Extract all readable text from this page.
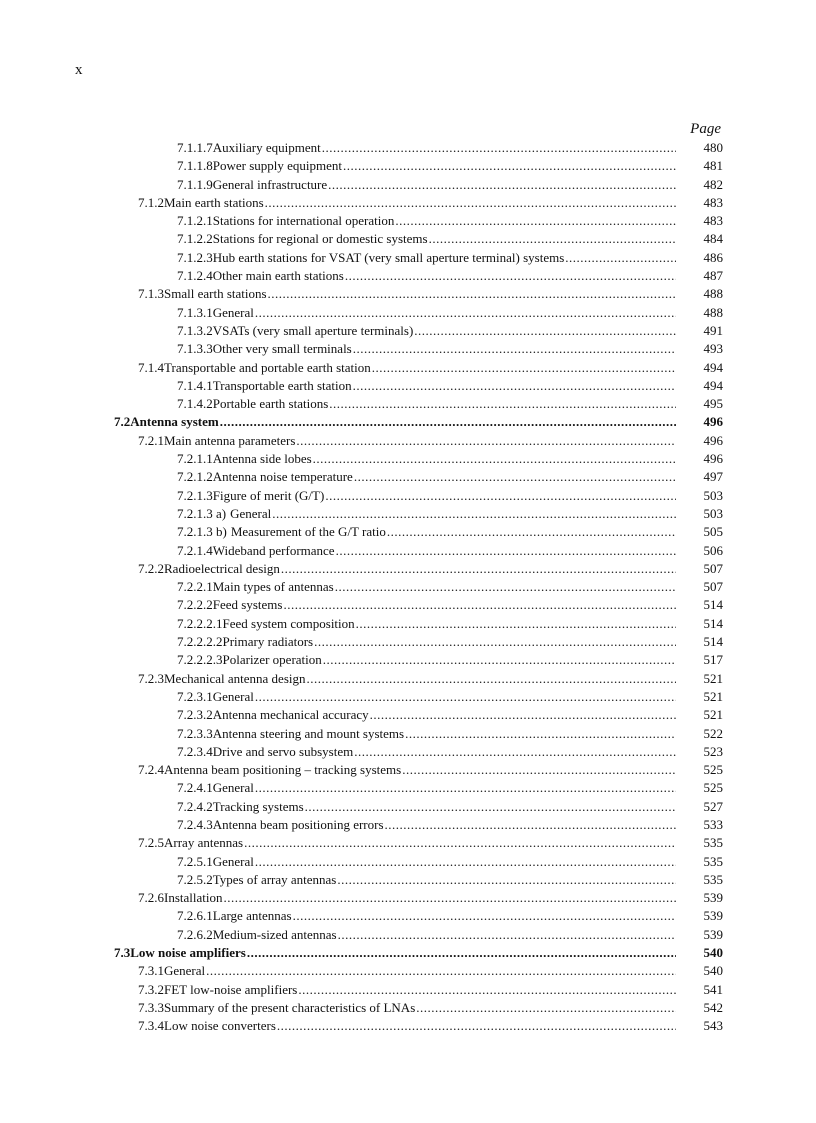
x
Page
7.1.1.7 Auxiliary equipment .....	480
7.1.1.8 Power supply equipment .....	481
7.1.1.9 General infrastructure .....	482
7.1.2 Main earth stations .....	483
7.1.2.1 Stations for international operation .....	483
7.1.2.2 Stations for regional or domestic systems .....	484
7.1.2.3 Hub earth stations for VSAT (very small aperture terminal) systems .....	486
7.1.2.4 Other main earth stations .....	487
7.1.3 Small earth stations .....	488
7.1.3.1 General .....	488
7.1.3.2 VSATs (very small aperture terminals) .....	491
7.1.3.3 Other very small terminals .....	493
7.1.4 Transportable and portable earth station .....	494
7.1.4.1 Transportable earth station .....	494
7.1.4.2 Portable earth stations .....	495
7.2 Antenna system .....	496
7.2.1 Main antenna parameters .....	496
7.2.1.1 Antenna side lobes .....	496
7.2.1.2 Antenna noise temperature .....	497
7.2.1.3 Figure of merit (G/T) .....	503
7.2.1.3 a) General .....	503
7.2.1.3 b) Measurement of the G/T ratio .....	505
7.2.1.4 Wideband performance .....	506
7.2.2 Radioelectrical design .....	507
7.2.2.1 Main types of antennas .....	507
7.2.2.2 Feed systems .....	514
7.2.2.2.1 Feed system composition .....	514
7.2.2.2.2 Primary radiators .....	514
7.2.2.2.3 Polarizer operation .....	517
7.2.3 Mechanical antenna design .....	521
7.2.3.1 General .....	521
7.2.3.2 Antenna mechanical accuracy .....	521
7.2.3.3 Antenna steering and mount systems .....	522
7.2.3.4 Drive and servo subsystem .....	523
7.2.4 Antenna beam positioning – tracking systems .....	525
7.2.4.1 General .....	525
7.2.4.2 Tracking systems .....	527
7.2.4.3 Antenna beam positioning errors .....	533
7.2.5 Array antennas .....	535
7.2.5.1 General .....	535
7.2.5.2 Types of array antennas .....	535
7.2.6 Installation .....	539
7.2.6.1 Large antennas .....	539
7.2.6.2 Medium-sized antennas .....	539
7.3 Low noise amplifiers .....	540
7.3.1 General .....	540
7.3.2 FET low-noise amplifiers .....	541
7.3.3 Summary of the present characteristics of LNAs .....	542
7.3.4 Low noise converters .....	543
